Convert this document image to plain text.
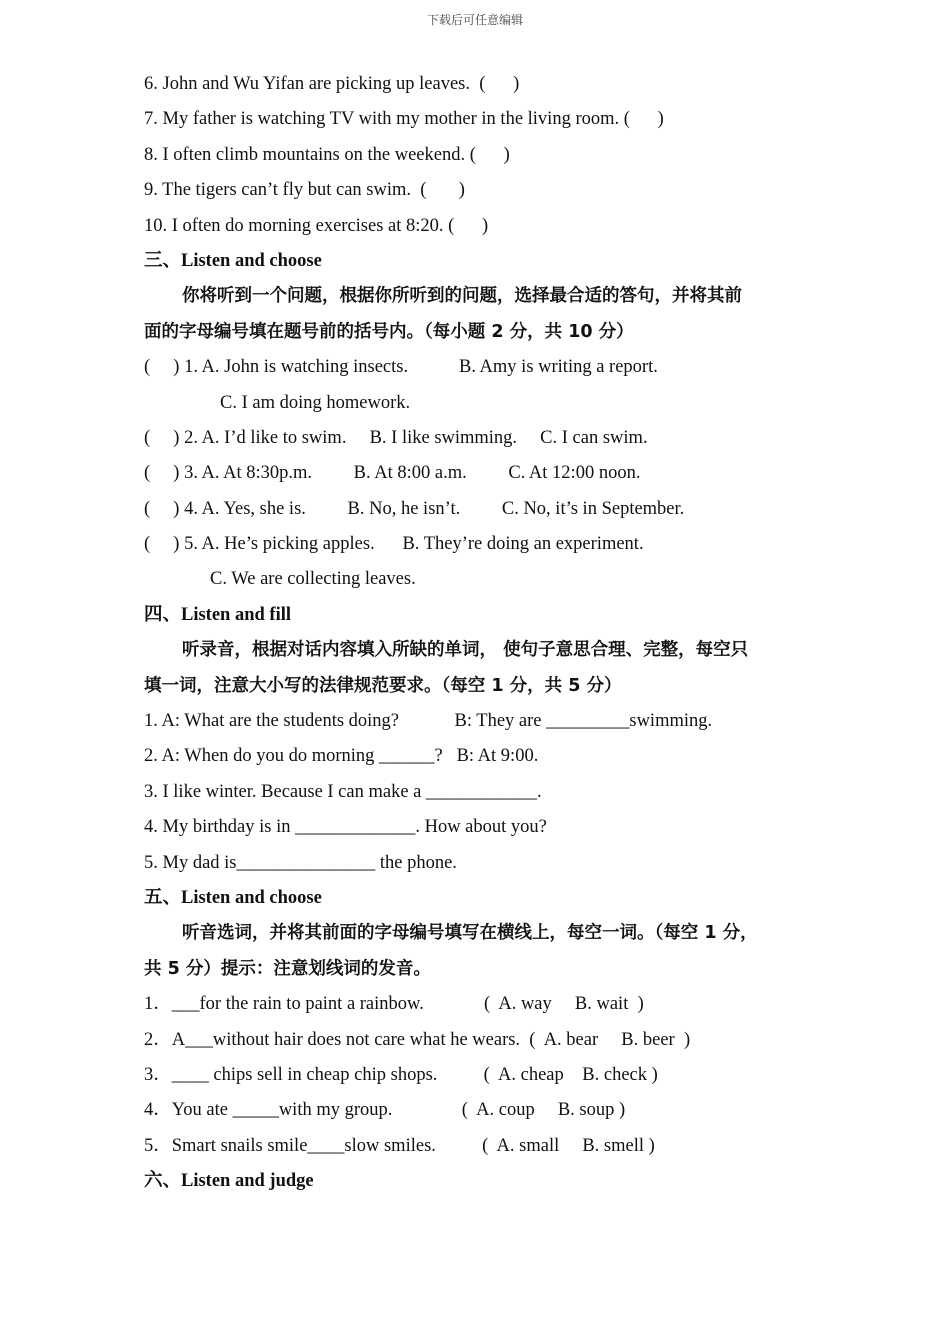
下载后可任意编辑
6. John and Wu Yifan are picking up leaves.  (      )
7. My father is watching TV with my mother in the living room. (      )
8. I often climb mountains on the weekend. (      )
9. The tigers can’t fly but can swim.  (       )
10. I often do morning exercises at 8:20. (      )
三、Listen and choose
你将听到一个问题，根据你所听到的问题，选择最合适的答句，并将其前
面的字母编号填在题号前的括号内。（每小题 2 分，共 10 分）
(     ) 1. A. John is watching insects.           B. Amy is writing a report.
C. I am doing homework.
(     ) 2. A. I’d like to swim.     B. I like swimming.     C. I can swim.
(     ) 3. A. At 8:30p.m.         B. At 8:00 a.m.         C. At 12:00 noon.
(     ) 4. A. Yes, she is.         B. No, he isn’t.         C. No, it’s in September.
(     ) 5. A. He’s picking apples.      B. They’re doing an experiment.
C. We are collecting leaves.
四、Listen and fill
听录音，根据对话内容填入所缺的单词， 使句子意思合理、完整，每空只
填一词，注意大小写的法律规范要求。（每空 1 分，共 5 分）
1. A: What are the students doing?            B: They are _________swimming.
2. A: When do you do morning ______?   B: At 9:00.
3. I like winter. Because I can make a ____________.
4. My birthday is in _____________. How about you?
5. My dad is_______________ the phone.
五、Listen and choose
听音选词，并将其前面的字母编号填写在横线上，每空一词。（每空 1 分，
共 5 分）提示：注意划线词的发音。
1．___for the rain to paint a rainbow.             (  A. way     B. wait  )
2．A___without hair does not care what he wears.  (  A. bear     B. beer  )
3．____ chips sell in cheap chip shops.          (  A. cheap    B. check )
4．You ate _____with my group.               (  A. coup     B. soup )
5．Smart snails smile____slow smiles.          (  A. small     B. smell )
六、Listen and judge
